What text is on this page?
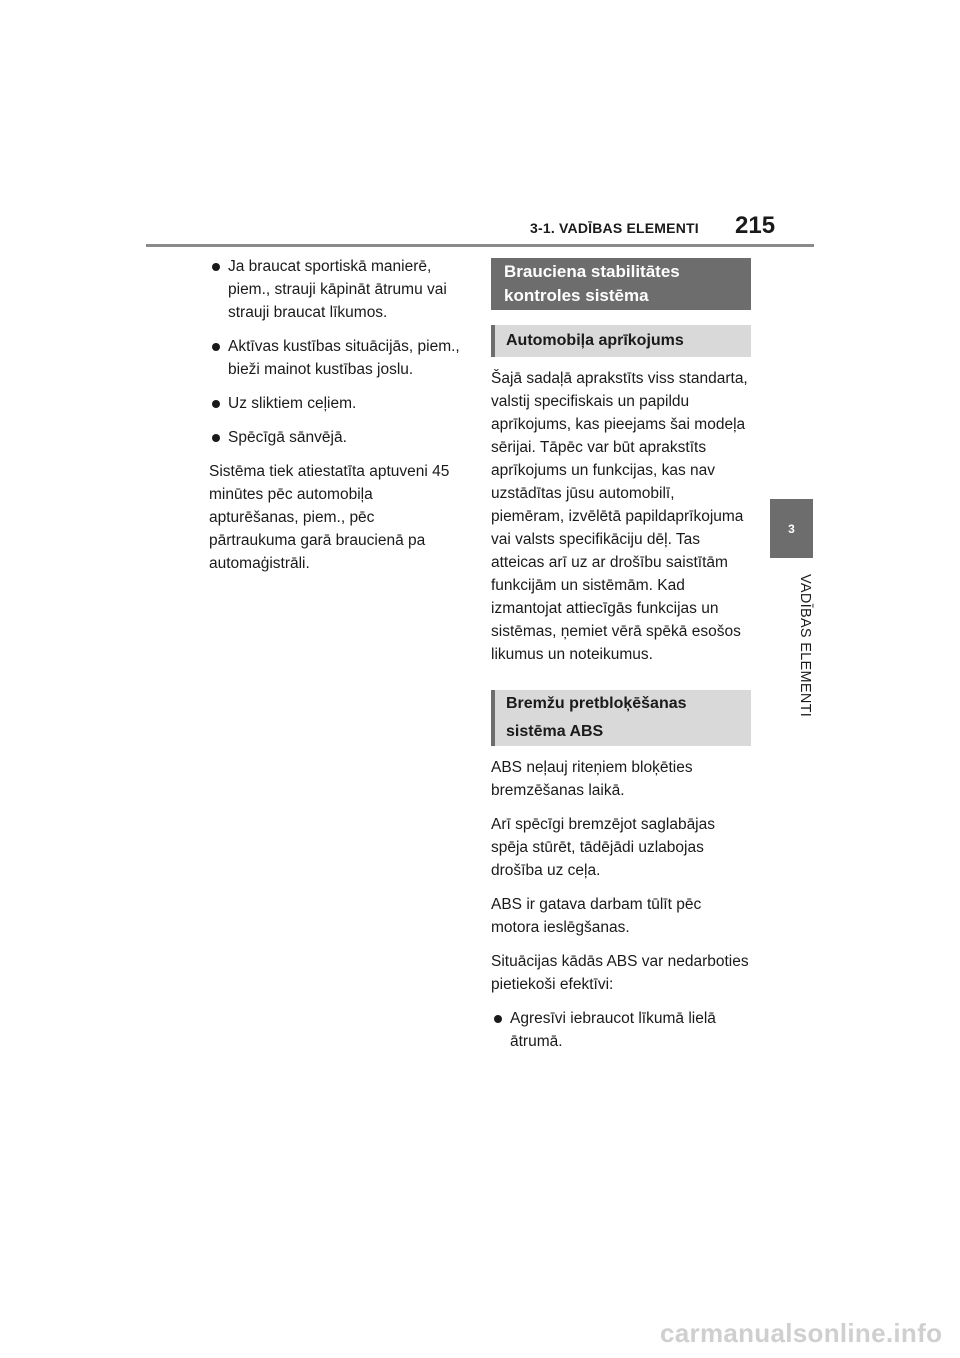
3-1. VADĪBAS ELEMENTI 215
3
VADĪBAS ELEMENTI
Ja braucat sportiskā manierē, piem., strauji kāpināt ātrumu vai strauji braucat līkumos.
Aktīvas kustības situācijās, piem., bieži mainot kustības joslu.
Uz sliktiem ceļiem.
Spēcīgā sānvējā.

Sistēma tiek atiestatīta aptuveni 45 minūtes pēc automobiļa apturēšanas, piem., pēc pārtraukuma garā braucienā pa automaģistrāli.

Brauciena stabilitātes kontroles sistēma
Automobiļa aprīkojums

Šajā sadaļā aprakstīts viss standarta, valstij specifiskais un papildu aprīkojums, kas pieejams šai modeļa sērijai. Tāpēc var būt aprakstīts aprīkojums un funkcijas, kas nav uzstādītas jūsu automobilī, piemēram, izvēlētā papildaprīkojuma vai valsts specifikāciju dēļ. Tas atteicas arī uz ar drošību saistītām funkcijām un sistēmām. Kad izmantojat attiecīgās funkcijas un sistēmas, ņemiet vērā spēkā esošos likumus un noteikumus.

Bremžu pretbloķēšanas sistēma ABS

ABS neļauj riteņiem bloķēties bremzēšanas laikā.

Arī spēcīgi bremzējot saglabājas spēja stūrēt, tādējādi uzlabojas drošība uz ceļa.

ABS ir gatava darbam tūlīt pēc motora ieslēgšanas.

Situācijas kādās ABS var nedarboties pietiekoši efektīvi:

Agresīvi iebraucot līkumā lielā ātrumā.
carmanualsonline.info
